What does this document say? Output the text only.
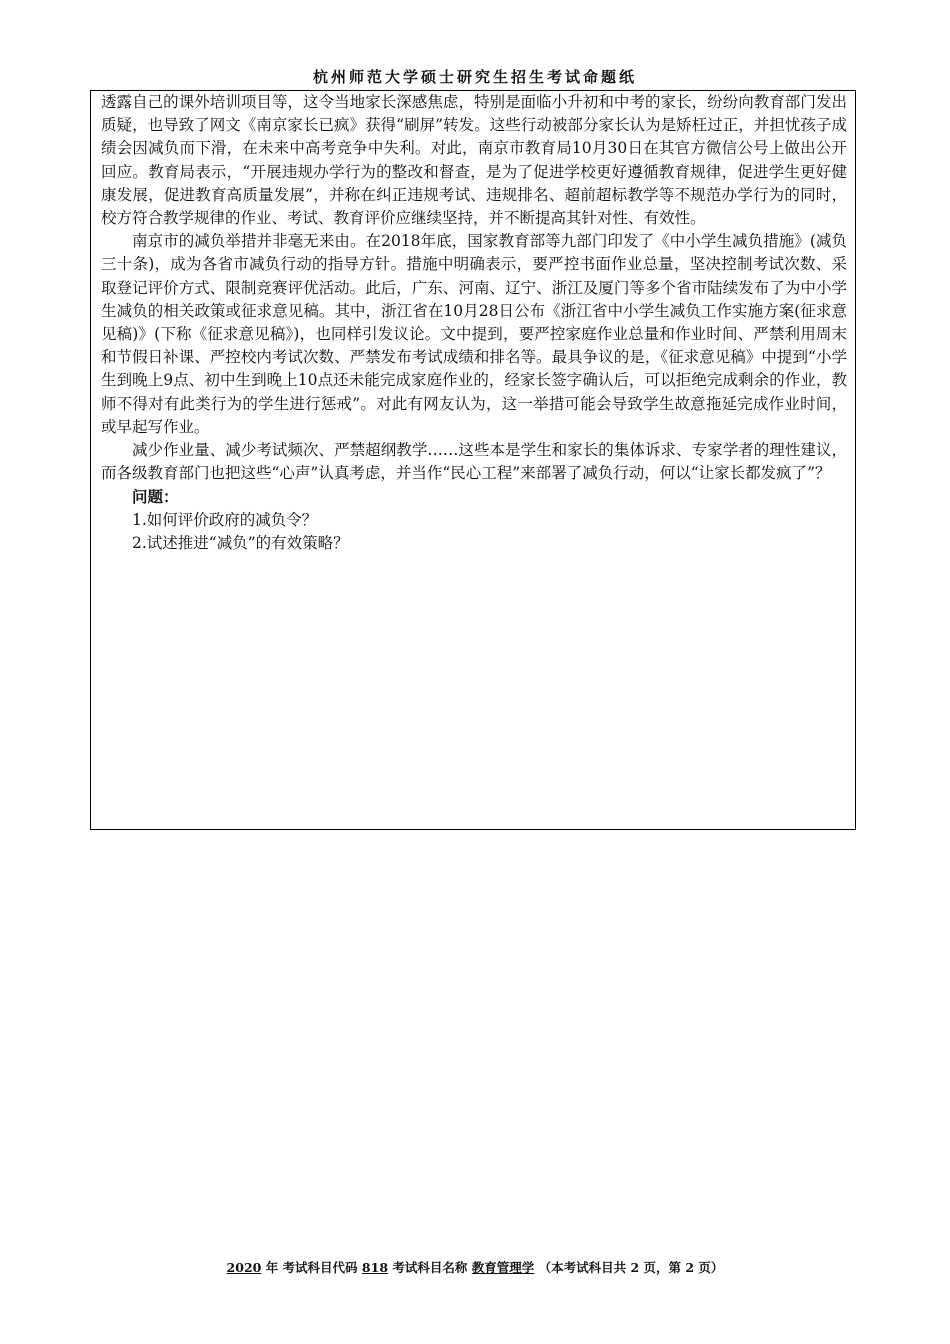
杭州师范大学硕士研究生招生考试命题纸

透露自己的课外培训项目等，这令当地家长深感焦虑，特别是面临小升初和中考的家长，纷纷向教育部门发出质疑，也导致了网文《南京家长已疯》获得“刷屏”转发。这些行动被部分家长认为是矫枉过正，并担忧孩子成绩会因减负而下滑，在未来中高考竞争中失利。对此，南京市教育局10月30日在其官方微信公号上做出公开回应。教育局表示，“开展违规办学行为的整改和督查，是为了促进学校更好遵循教育规律，促进学生更好健康发展，促进教育高质量发展”，并称在纠正违规考试、违规排名、超前超标教学等不规范办学行为的同时，校方符合教学规律的作业、考试、教育评价应继续坚持，并不断提高其针对性、有效性。

南京市的减负举措并非毫无来由。在2018年底，国家教育部等九部门印发了《中小学生减负措施》(减负三十条)，成为各省市减负行动的指导方针。措施中明确表示，要严控书面作业总量，坚决控制考试次数、采取登记评价方式、限制竞赛评优活动。此后，广东、河南、辽宁、浙江及厦门等多个省市陆续发布了为中小学生减负的相关政策或征求意见稿。其中，浙江省在10月28日公布《浙江省中小学生减负工作实施方案(征求意见稿)》(下称《征求意见稿》)，也同样引发议论。文中提到，要严控家庭作业总量和作业时间、严禁利用周末和节假日补课、严控校内考试次数、严禁发布考试成绩和排名等。最具争议的是，《征求意见稿》中提到“小学生到晚上9点、初中生到晚上10点还未能完成家庭作业的，经家长签字确认后，可以拒绝完成剩余的作业，教师不得对有此类行为的学生进行惩戒”。对此有网友认为，这一举措可能会导致学生故意拖延完成作业时间，或早起写作业。

减少作业量、减少考试频次、严禁超纲教学……这些本是学生和家长的集体诉求、专家学者的理性建议，而各级教育部门也把这些“心声”认真考虑，并当作“民心工程”来部署了减负行动，何以“让家长都发疯了”？

问题：

1.如何评价政府的减负令？

2.试述推进“减负”的有效策略？

2020 年 考试科目代码 818 考试科目名称 教育管理学 （本考试科目共 2 页，第 2 页）
